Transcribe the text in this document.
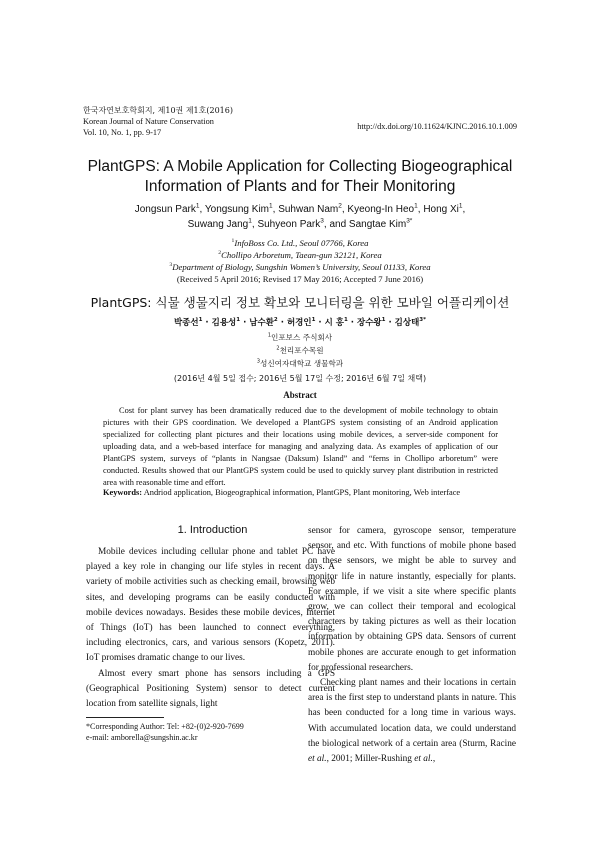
한국자연보호학회지, 제10권 제1호(2016)
Korean Journal of Nature Conservation
Vol. 10, No. 1, pp. 9-17
http://dx.doi.org/10.11624/KJNC.2016.10.1.009
PlantGPS: A Mobile Application for Collecting Biogeographical
Information of Plants and for Their Monitoring
Jongsun Park$^1$, Yongsung Kim$^1$, Suhwan Nam$^2$, Kyeong-In Heo$^1$, Hong Xi$^1$,
Suwang Jang$^1$, Suhyeon Park$^3$, and Sangtae Kim$^{3*}$
$^1$InfoBoss Co. Ltd., Seoul 07766, Korea
$^2$Chollipo Arboretum, Taean-gun 32121, Korea
$^3$Department of Biology, Sungshin Women’s University, Seoul 01133, Korea
(Received 5 April 2016; Revised 17 May 2016; Accepted 7 June 2016)
PlantGPS: 식물 생물지리 정보 확보와 모니터링을 위한 모바일 어플리케이션
박종선$^1$ · 김용성$^1$ · 남수환$^2$ · 허경인$^1$ · 시 홍$^1$ · 장수왕$^1$ · 김상태$^{3*}$
$^1$인포보스 주식회사
$^2$천리포수목원
$^3$성신여자대학교 생물학과
(2016년 4월 5일 접수; 2016년 5월 17일 수정; 2016년 6월 7일 채택)
Abstract
Cost for plant survey has been dramatically reduced due to the development of mobile technology to obtain pictures with their GPS coordination. We developed a PlantGPS system consisting of an Android application specialized for collecting plant pictures and their locations using mobile devices, a server-side component for uploading data, and a web-based interface for managing and analyzing data. As examples of application of our PlantGPS system, surveys of “plants in Nangsae (Daksum) Island” and “ferns in Chollipo arboretum” were conducted. Results showed that our PlantGPS system could be used to quickly survey plant distribution in restricted area with reasonable time and effort.
Keywords: Andriod application, Biogeographical information, PlantGPS, Plant monitoring, Web interface
1. Introduction

Mobile devices including cellular phone and tablet PC have played a key role in changing our life styles in recent days. A variety of mobile activities such as checking email, browsing web sites, and developing programs can be easily conducted with mobile devices nowadays. Besides these mobile devices, Internet of Things (IoT) has been launched to connect everything, including electronics, cars, and various sensors (Kopetz, 2011). IoT promises dramatic change to our lives.

Almost every smart phone has sensors including a GPS (Geographical Positioning System) sensor to detect current location from satellite signals, light

sensor for camera, gyroscope sensor, temperature sensor, and etc. With functions of mobile phone based on these sensors, we might be able to survey and monitor life in nature instantly, especially for plants. For example, if we visit a site where specific plants grow, we can collect their temporal and ecological characters by taking pictures as well as their location information by obtaining GPS data. Sensors of current mobile phones are accurate enough to get information for professional researchers.

Checking plant names and their locations in certain area is the first step to understand plants in nature. This has been conducted for a long time in various ways. With accumulated location data, we could understand the biological network of a certain area (Sturm, Racine et al., 2001; Miller-Rushing et al.,

*Corresponding Author: Tel: +82-(0)2-920-7699
e-mail: amborella@sungshin.ac.kr
